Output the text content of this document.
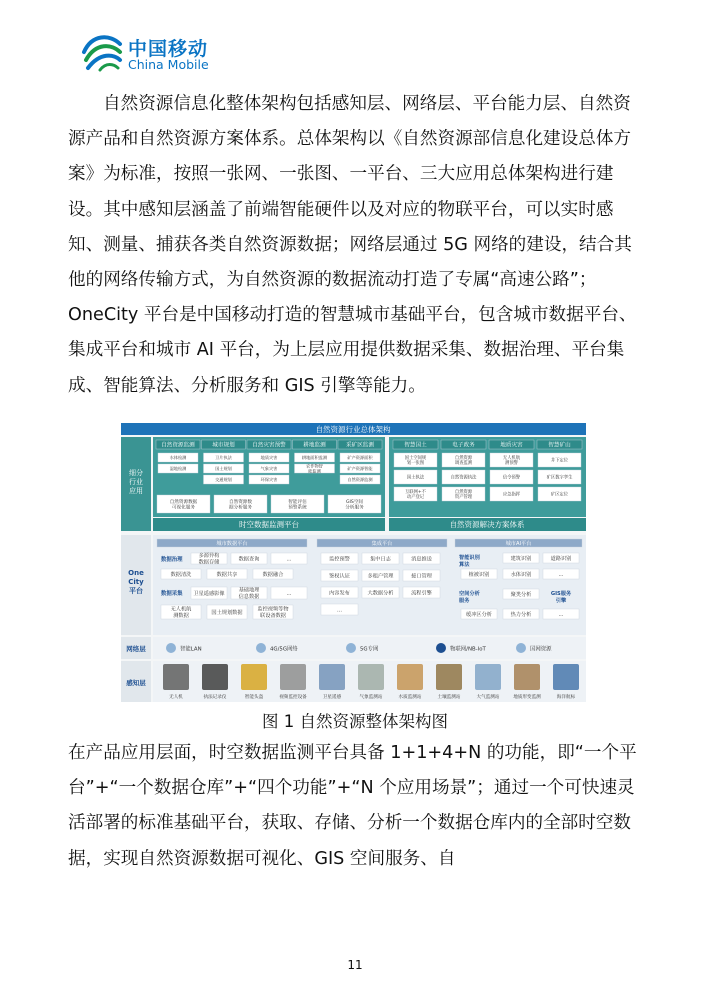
中国移动
China Mobile

自然资源信息化整体架构包括感知层、网络层、平台能力层、自然资源产品和自然资源方案体系。总体架构以《自然资源部信息化建设总体方案》为标准，按照一张网、一张图、一平台、三大应用总体架构进行建设。其中感知层涵盖了前端智能硬件以及对应的物联平台，可以实时感知、测量、捕获各类自然资源数据；网络层通过 5G 网络的建设，结合其他的网络传输方式，为自然资源的数据流动打造了专属“高速公路”；OneCity 平台是中国移动打造的智慧城市基础平台，包含城市数据平台、集成平台和城市 AI 平台，为上层应用提供数据采集、数据治理、平台集成、智能算法、分析服务和 GIS 引擎等能力。

自然资源行业总体架构
细分行业应用
自然资源监测
水体检测
湿地检测
城市规划
卫片执法
国土规划
交通规划
自然灾害预警
地质灾害
气象灾害
环保灾害
耕地监测
耕地面积监测
农作物智
能监测
采矿区监测
矿产资源面积
矿产资源智能
自然资源监测
自然资源数据
可视化服务
自然资源数
据分析服务
智能评估
预警系统
GIS空间
分析服务
时空数据监测平台
智慧国土
国土空间规
划一张图
国土执法
互联网+不
动产登记
电子政务
自然资源
调查监测
自然资源执法
自然资源
资产管理
地质灾害
无人机航
测预警
信令预警
应急指挥
智慧矿山
井下定位
矿区数字孪生
矿区定位
自然资源解决方案体系
One City 平台
城市数据平台
数据治理
多源异构
数据存储
数据查询	...
数据清洗	数据共享	数据融合
数据采集 卫星遥感影像
基础地理
信息数据
...
无人机航
测数据
国土规划数据
监控视频等物
联设备数据
集成平台
监控预警	集中日志	消息推送
鉴权认证	多租户管理	接口管理
内容发布	大数据分析	流程引擎
...
城市AI平台
智能识别
算法
建筑识别	道路识别
植被识别	水体识别	...
空间分析
服务
聚类分析
缓冲区分析	热力分析
GIS服务
引擎
...
网络层	智能LAN	4G/5G网络	5G专网	物联网/NB-IoT	国网资源
感知层
无人机	执法记录仪	智能头盔	视频监控设备	卫星遥感	气象监测站	水质监测站	土壤监测站	大气监测站	地质形变监测	海洋航标
图 1 自然资源整体架构图

在产品应用层面，时空数据监测平台具备 1+1+4+N 的功能，即“一个平台”+“一个数据仓库”+“四个功能”+“N 个应用场景”；通过一个可快速灵活部署的标准基础平台，获取、存储、分析一个数据仓库内的全部时空数据，实现自然资源数据可视化、GIS 空间服务、自

11
